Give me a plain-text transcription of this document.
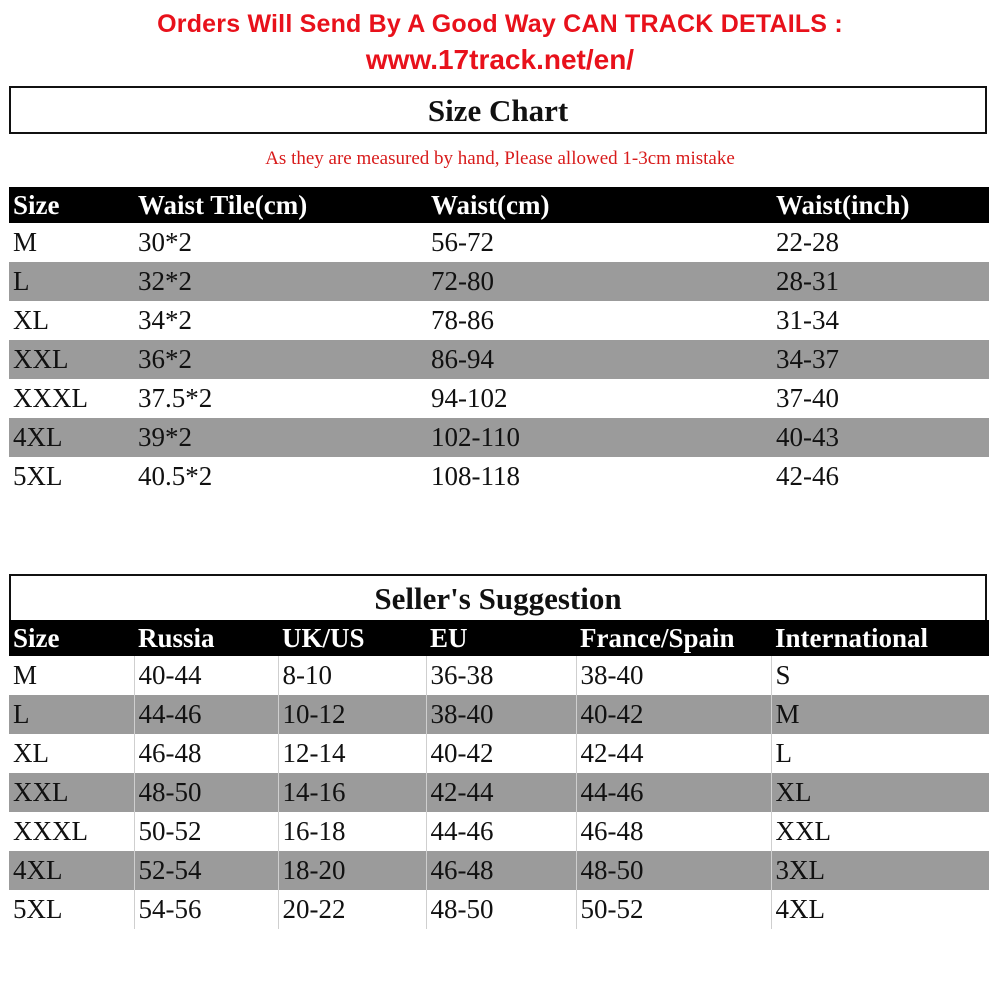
Orders Will Send By A Good Way CAN TRACK DETAILS :
www.17track.net/en/
Size Chart
As they are measured by hand, Please allowed 1-3cm mistake
Size	Waist Tile(cm)	Waist(cm)	Waist(inch)
M	30*2	56-72	22-28
L	32*2	72-80	28-31
XL	34*2	78-86	31-34
XXL	36*2	86-94	34-37
XXXL	37.5*2	94-102	37-40
4XL	39*2	102-110	40-43
5XL	40.5*2	108-118	42-46
Seller's Suggestion
Size	Russia	UK/US	EU	France/Spain	International
M	40-44	8-10	36-38	38-40	S
L	44-46	10-12	38-40	40-42	M
XL	46-48	12-14	40-42	42-44	L
XXL	48-50	14-16	42-44	44-46	XL
XXXL	50-52	16-18	44-46	46-48	XXL
4XL	52-54	18-20	46-48	48-50	3XL
5XL	54-56	20-22	48-50	50-52	4XL
